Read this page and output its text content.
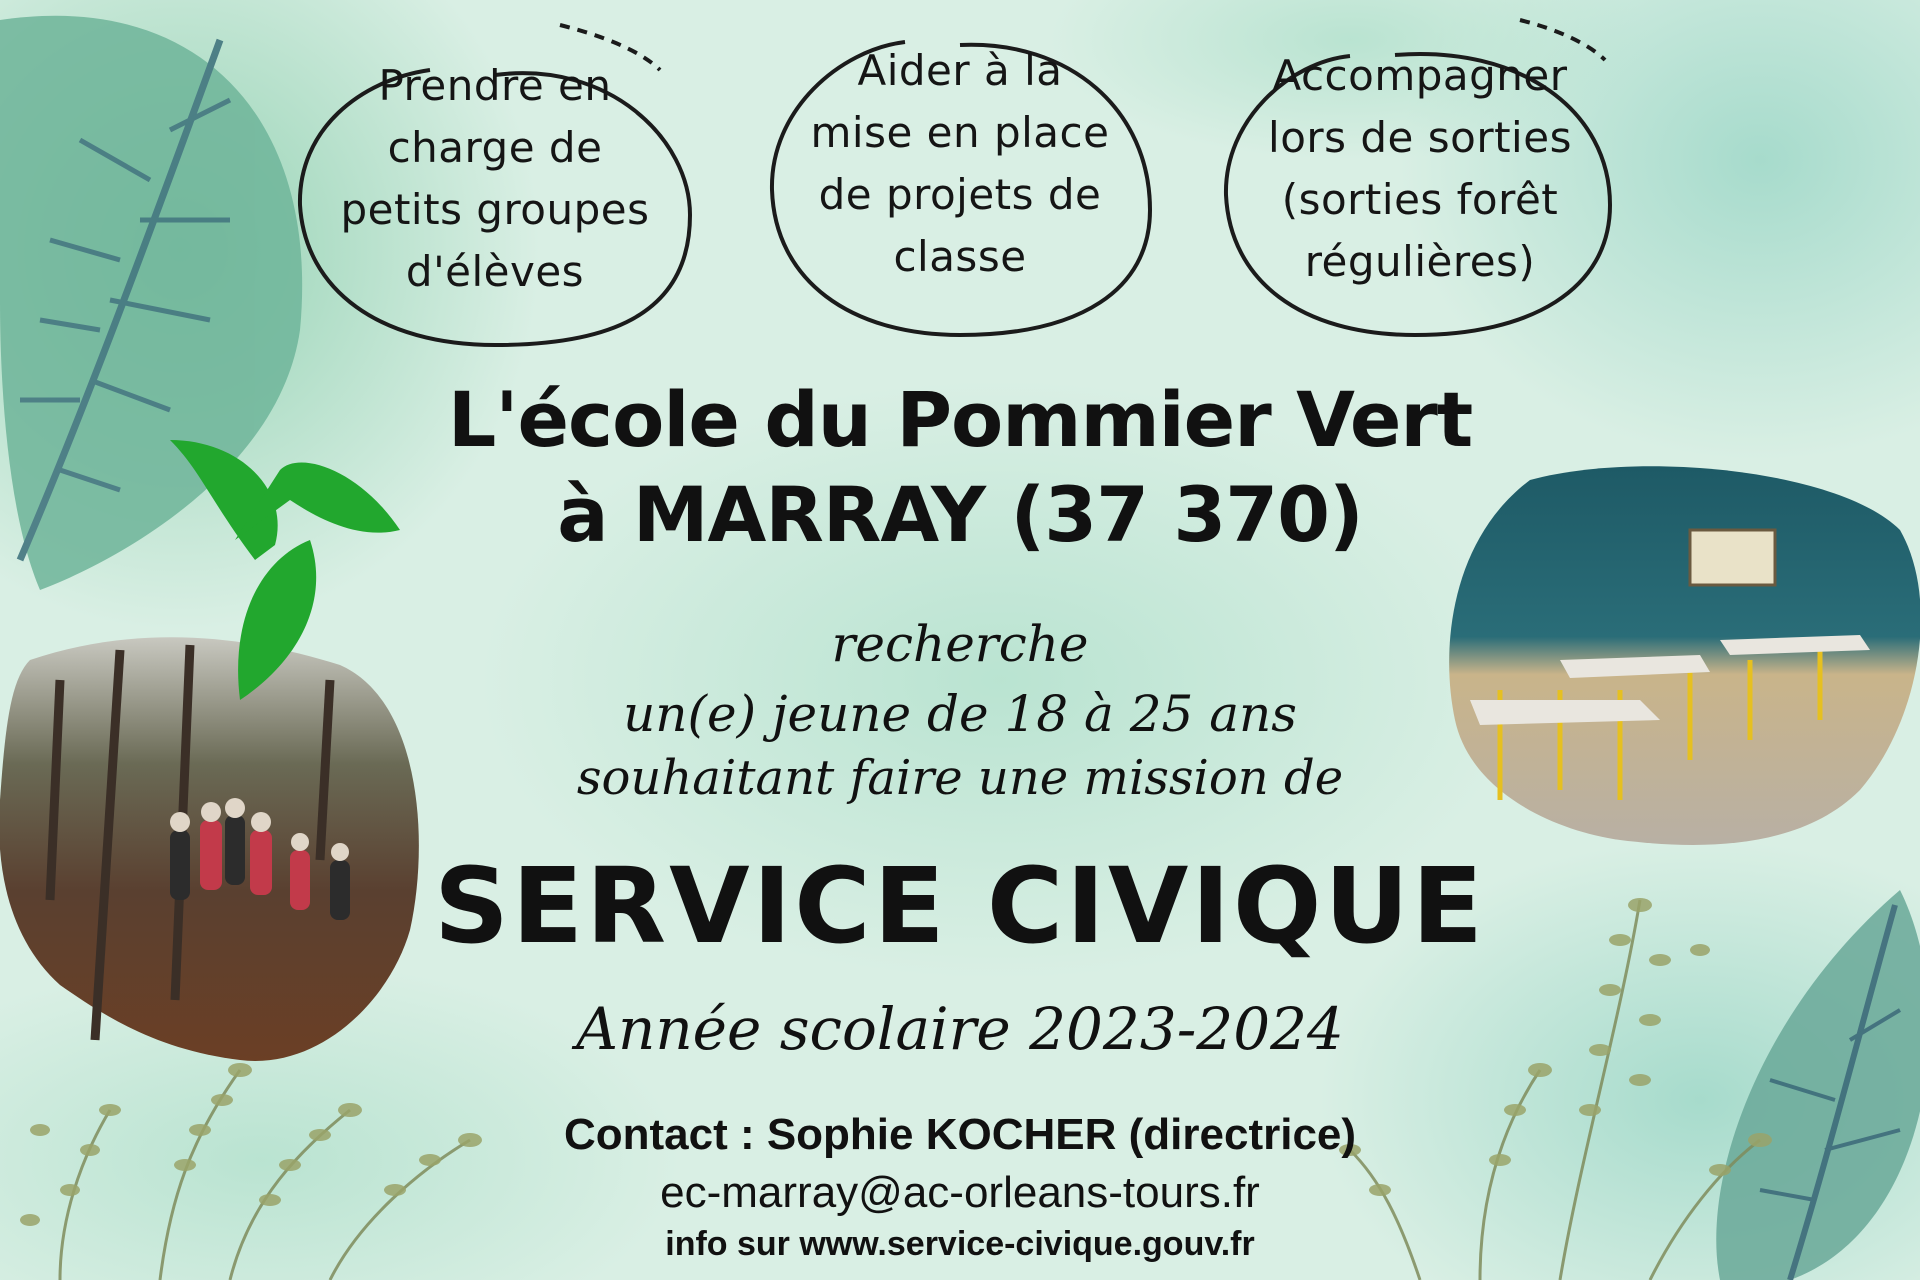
Prendre en
charge de
petits groupes
d'élèves
Aider à la
mise en place
de projets de
classe
Accompagner
lors de sorties
(sorties forêt
régulières)
L'école du Pommier Vert
à MARRAY (37 370)
recherche
un(e) jeune de 18 à 25 ans
souhaitant faire une mission de
SERVICE CIVIQUE
Année scolaire 2023-2024
Contact : Sophie KOCHER (directrice)
ec-marray@ac-orleans-tours.fr
info sur www.service-civique.gouv.fr
